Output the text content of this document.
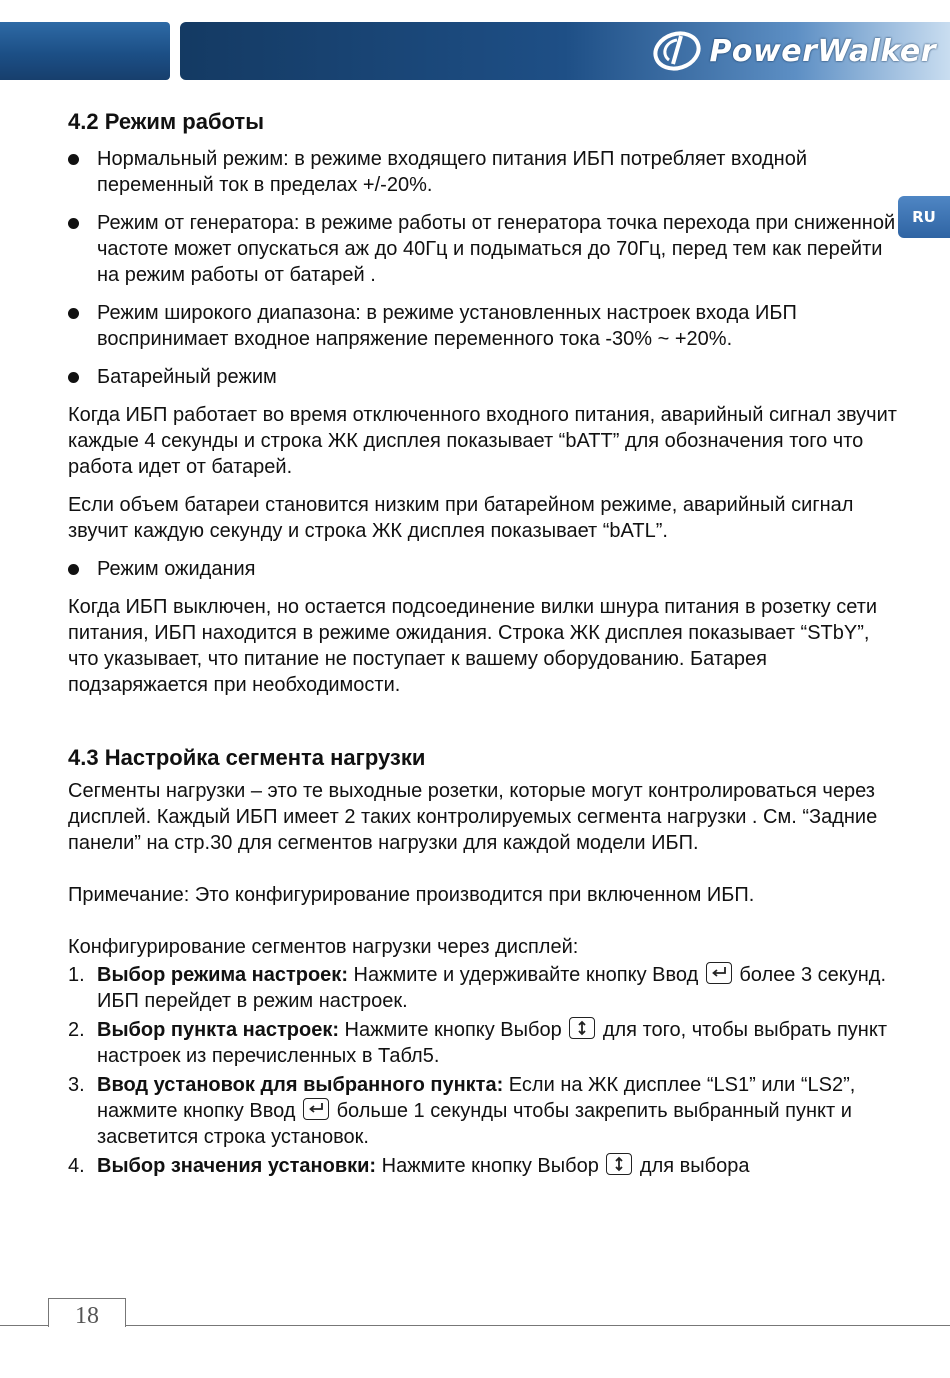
PowerWalker
RU
4.2 Режим работы

Нормальный режим: в режиме входящего питания ИБП потребляет входной переменный ток в пределах +/-20%.

Режим от генератора: в режиме работы от генератора точка перехода при сниженной частоте может опускаться аж до 40Гц и подыматься до 70Гц, перед тем как перейти на режим работы от батарей .

Режим широкого диапазона: в режиме установленных настроек входа ИБП воспринимает входное напряжение переменного тока -30% ~ +20%.

Батарейный режим

Когда ИБП работает во время отключенного входного питания, аварийный сигнал звучит каждые 4 секунды и строка ЖК дисплея показывает “bATT” для обозначения того что работа идет от батарей.

Если объем батареи становится низким при батарейном режиме, аварийный сигнал звучит каждую секунду и строка ЖК дисплея показывает “bATL”.

Режим ожидания

Когда ИБП выключен, но остается подсоединение вилки шнура питания в розетку сети питания, ИБП находится в режиме ожидания. Строка ЖК дисплея показывает “STbY”, что указывает, что питание не поступает к вашему оборудованию. Батарея подзаряжается при необходимости.

4.3 Настройка сегмента нагрузки

Сегменты нагрузки – это те выходные розетки, которые могут контролироваться через дисплей. Каждый ИБП имеет 2 таких контролируемых сегмента нагрузки . См. “Задние панели” на стр.30 для сегментов нагрузки для каждой модели ИБП.

Примечание: Это конфигурирование производится при включенном ИБП.

Конфигурирование сегментов нагрузки через дисплей:

1. Выбор режима настроек: Нажмите и удерживайте кнопку Ввод
более 3 секунд. ИБП перейдет в режим настроек.
2. Выбор пункта настроек: Нажмите кнопку Выбор
для того, чтобы выбрать пункт настроек из перечисленных в Табл5.
3. Ввод установок для выбранного пункта: Если на ЖК дисплее “LS1” или “LS2”, нажмите кнопку Ввод
больше 1 секунды чтобы закрепить выбранный пункт и засветится строка установок.
4. Выбор значения установки: Нажмите кнопку Выбор
для выбора
18
